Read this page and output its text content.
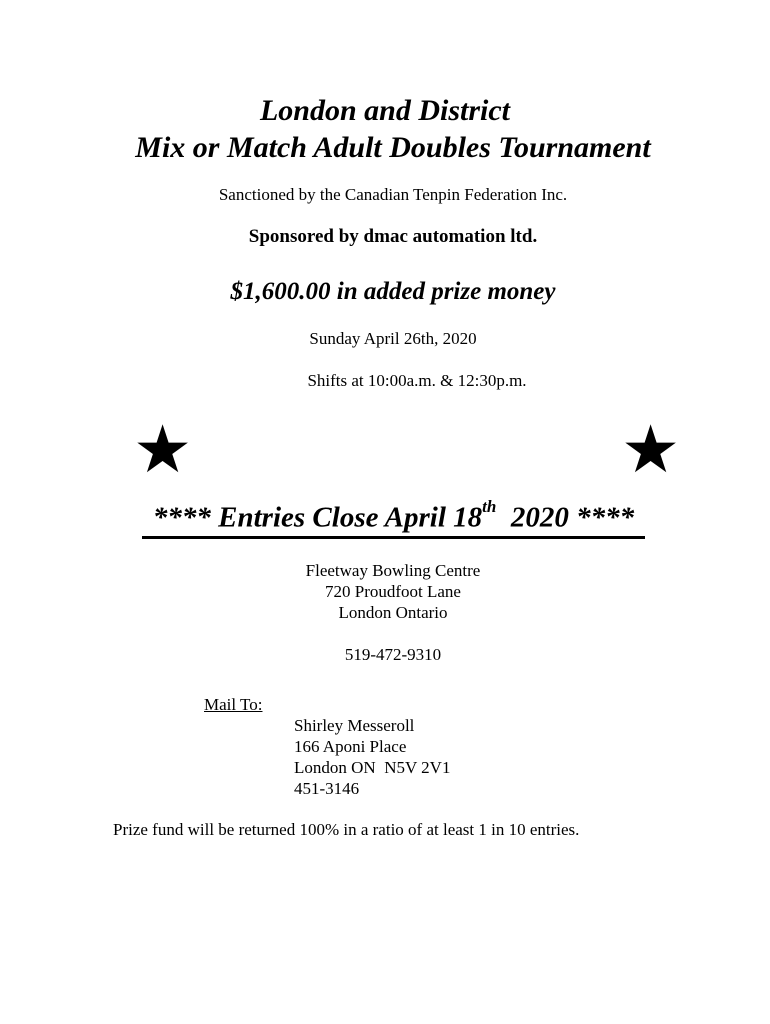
London and District
Mix or Match Adult Doubles Tournament
Sanctioned by the Canadian Tenpin Federation Inc.
Sponsored by dmac automation ltd.
$1,600.00 in added prize money
Sunday April 26th, 2020
Shifts at 10:00a.m. & 12:30p.m.
★	★
**** Entries Close April 18th  2020 ****
Fleetway Bowling Centre
720 Proudfoot Lane
London Ontario
519-472-9310
Mail To:
Shirley Messeroll
166 Aponi Place
London ON  N5V 2V1
451-3146
Prize fund will be returned 100% in a ratio of at least 1 in 10 entries.
